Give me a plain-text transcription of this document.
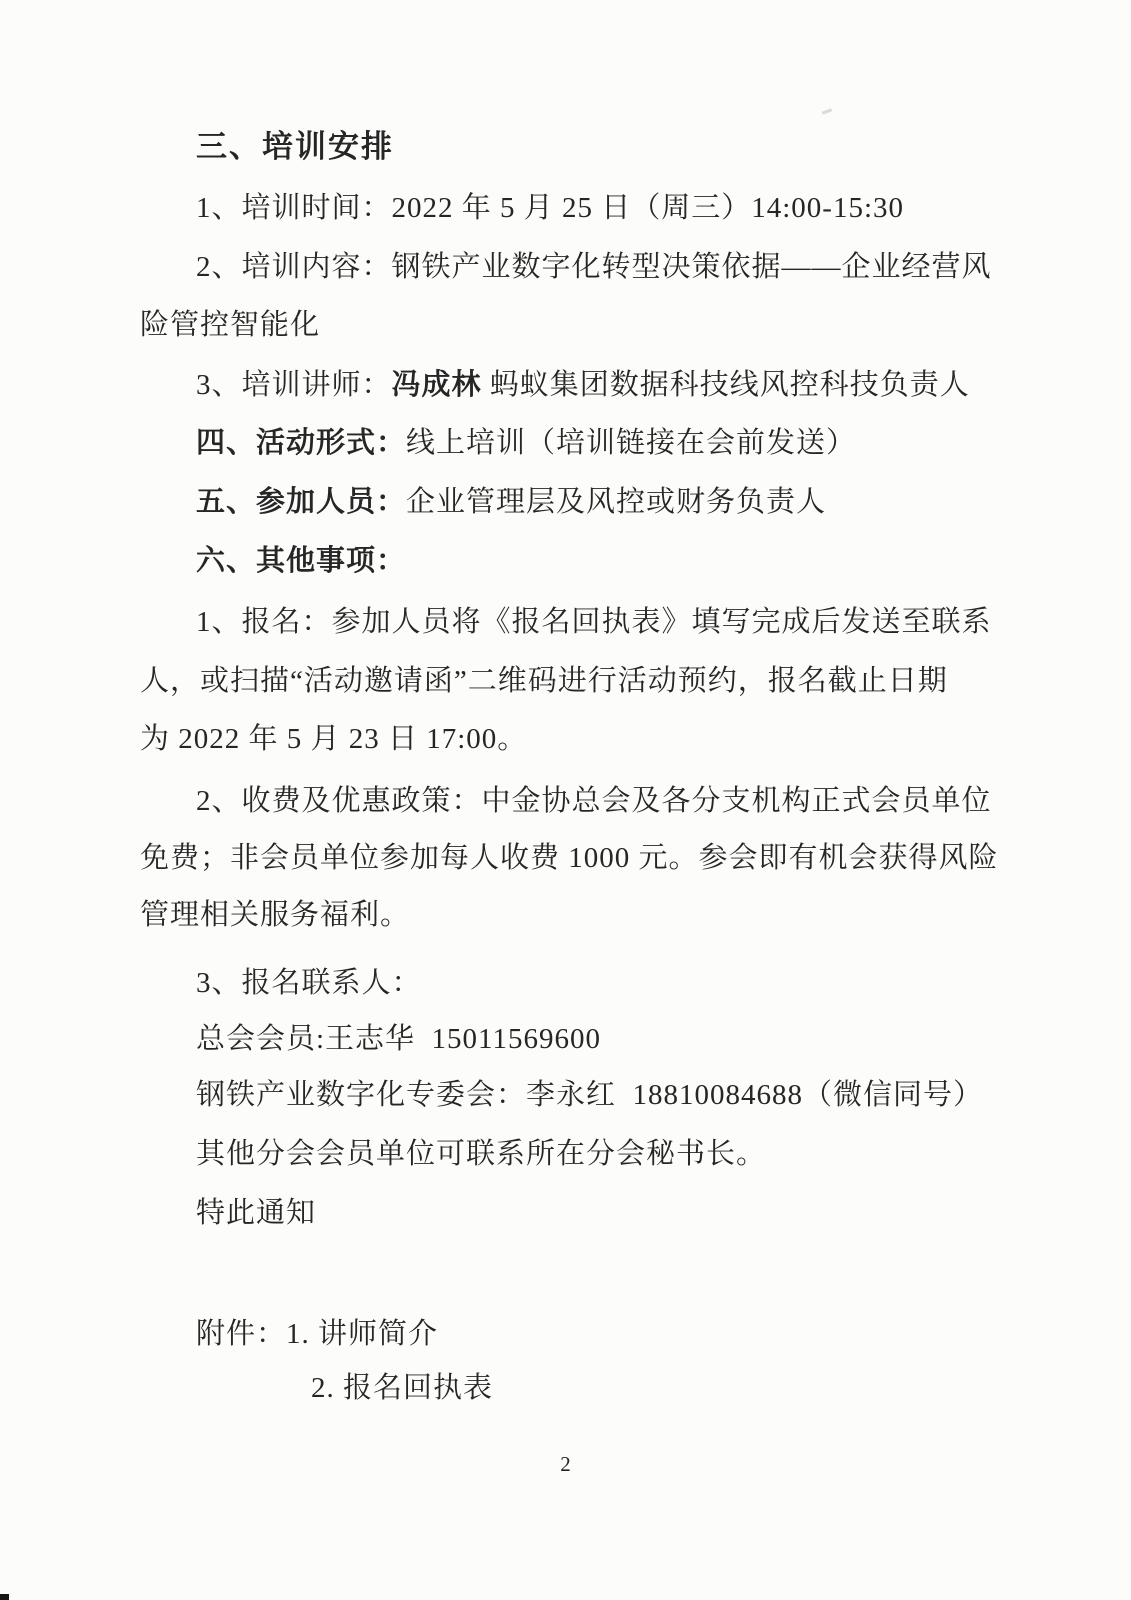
三、培训安排
1、培训时间：2022 年 5 月 25 日（周三）14:00-15:30
2、培训内容：钢铁产业数字化转型决策依据——企业经营风
险管控智能化
3、培训讲师：冯成林 蚂蚁集团数据科技线风控科技负责人
四、活动形式：线上培训（培训链接在会前发送）
五、参加人员：企业管理层及风控或财务负责人
六、其他事项：
1、报名：参加人员将《报名回执表》填写完成后发送至联系
人，或扫描“活动邀请函”二维码进行活动预约，报名截止日期
为 2022 年 5 月 23 日 17:00。
2、收费及优惠政策：中金协总会及各分支机构正式会员单位
免费；非会员单位参加每人收费 1000 元。参会即有机会获得风险
管理相关服务福利。
3、报名联系人：
总会会员:王志华  15011569600
钢铁产业数字化专委会：李永红  18810084688（微信同号）
其他分会会员单位可联系所在分会秘书长。
特此通知
附件：1. 讲师简介
2. 报名回执表
2
